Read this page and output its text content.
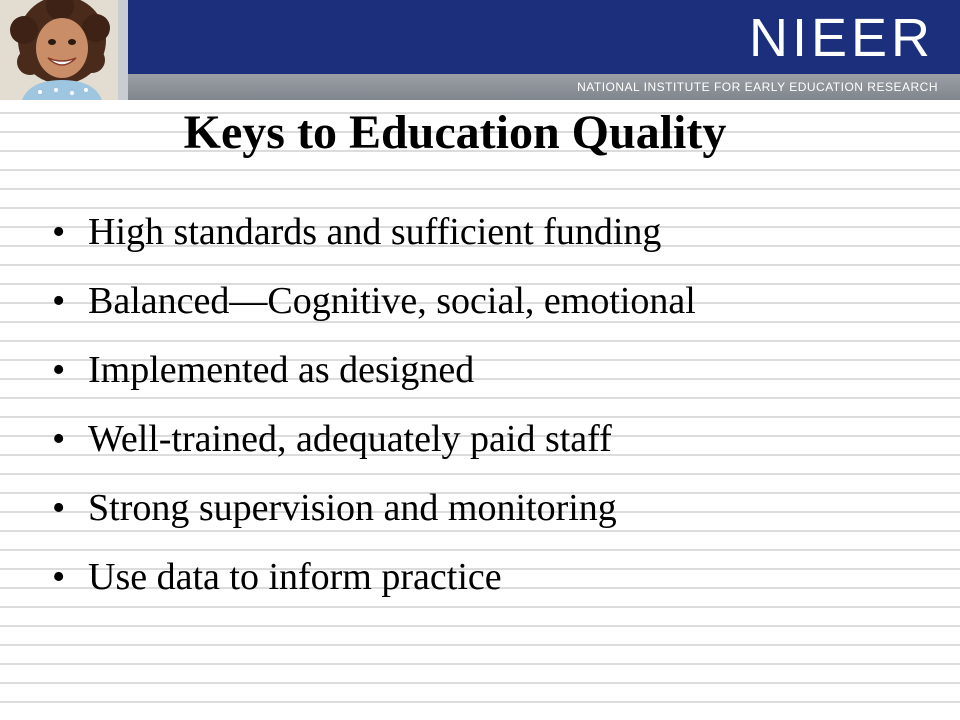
NIEER
NATIONAL INSTITUTE FOR EARLY EDUCATION RESEARCH
Keys to Education Quality
• High standards and sufficient funding
• Balanced—Cognitive, social, emotional
• Implemented as designed
• Well-trained, adequately paid staff
• Strong supervision and monitoring
• Use data to inform practice
